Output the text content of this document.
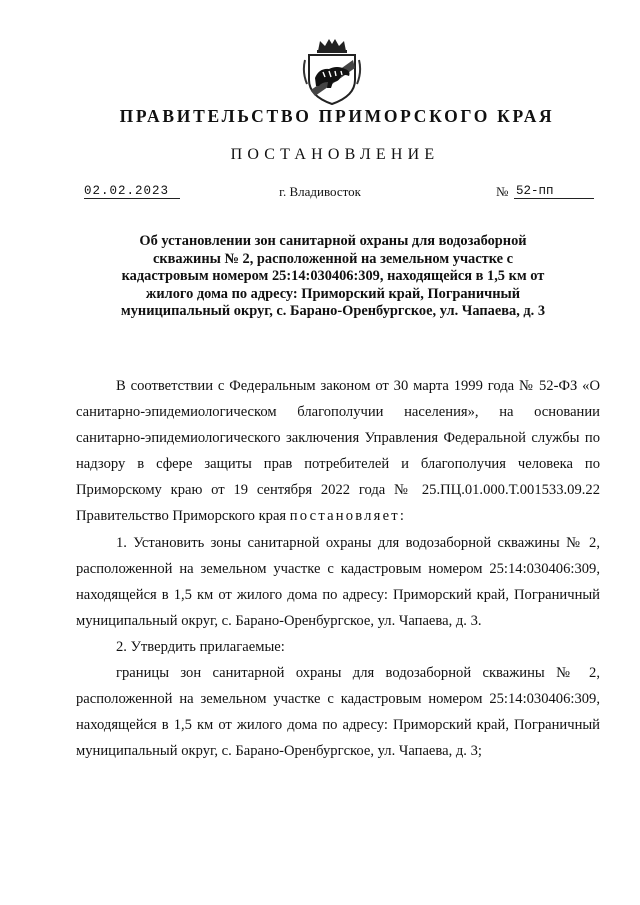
ПРАВИТЕЛЬСТВО ПРИМОРСКОГО КРАЯ
ПОСТАНОВЛЕНИЕ
02.02.2023	г. Владивосток	№ 52-пп
Об установлении зон санитарной охраны для водозаборной скважины № 2, расположенной на земельном участке с кадастровым номером 25:14:030406:309, находящейся в 1,5 км от жилого дома по адресу: Приморский край, Пограничный муниципальный округ, с. Барано-Оренбургское, ул. Чапаева, д. 3

В соответствии с Федеральным законом от 30 марта 1999 года № 52-ФЗ «О санитарно-эпидемиологическом благополучии населения», на основании санитарно-эпидемиологического заключения Управления Федеральной службы по надзору в сфере защиты прав потребителей и благополучия человека по Приморскому краю от 19 сентября 2022 года № 25.ПЦ.01.000.Т.001533.09.22 Правительство Приморского края постановляет:

1. Установить зоны санитарной охраны для водозаборной скважины № 2, расположенной на земельном участке с кадастровым номером 25:14:030406:309, находящейся в 1,5 км от жилого дома по адресу: Приморский край, Пограничный муниципальный округ, с. Барано-Оренбургское, ул. Чапаева, д. 3.

2. Утвердить прилагаемые:

границы зон санитарной охраны для водозаборной скважины № 2, расположенной на земельном участке с кадастровым номером 25:14:030406:309, находящейся в 1,5 км от жилого дома по адресу: Приморский край, Пограничный муниципальный округ, с. Барано-Оренбургское, ул. Чапаева, д. 3;
